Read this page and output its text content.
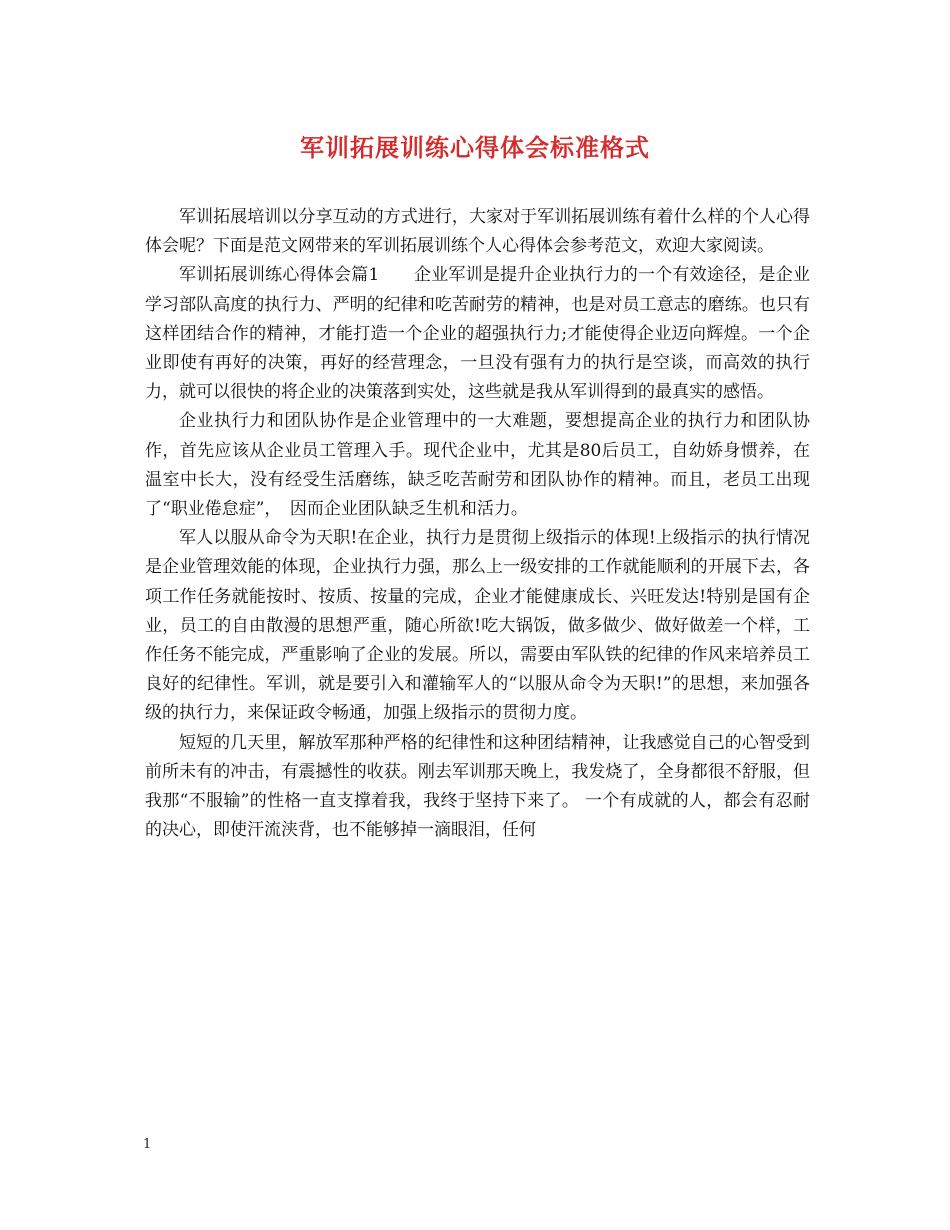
军训拓展训练心得体会标准格式

军训拓展培训以分享互动的方式进行，大家对于军训拓展训练有着什么样的个人心得体会呢？下面是范文网带来的军训拓展训练个人心得体会参考范文，欢迎大家阅读。

军训拓展训练心得体会篇1　　企业军训是提升企业执行力的一个有效途径，是企业学习部队高度的执行力、严明的纪律和吃苦耐劳的精神，也是对员工意志的磨练。也只有这样团结合作的精神，才能打造一个企业的超强执行力;才能使得企业迈向辉煌。一个企业即使有再好的决策，再好的经营理念，一旦没有强有力的执行是空谈，而高效的执行力，就可以很快的将企业的决策落到实处，这些就是我从军训得到的最真实的感悟。

企业执行力和团队协作是企业管理中的一大难题，要想提高企业的执行力和团队协作，首先应该从企业员工管理入手。现代企业中，尤其是80后员工，自幼娇身惯养，在温室中长大，没有经受生活磨练，缺乏吃苦耐劳和团队协作的精神。而且，老员工出现了“职业倦怠症”，　因而企业团队缺乏生机和活力。

军人以服从命令为天职!在企业，执行力是贯彻上级指示的体现!上级指示的执行情况是企业管理效能的体现，企业执行力强，那么上一级安排的工作就能顺利的开展下去，各项工作任务就能按时、按质、按量的完成，企业才能健康成长、兴旺发达!特别是国有企业，员工的自由散漫的思想严重，随心所欲!吃大锅饭，做多做少、做好做差一个样，工作任务不能完成，严重影响了企业的发展。所以，需要由军队铁的纪律的作风来培养员工良好的纪律性。军训，就是要引入和灌输军人的“以服从命令为天职!”的思想，来加强各级的执行力，来保证政令畅通，加强上级指示的贯彻力度。

短短的几天里，解放军那种严格的纪律性和这种团结精神，让我感觉自己的心智受到前所未有的冲击，有震撼性的收获。刚去军训那天晚上，我发烧了，全身都很不舒服，但我那“不服输”的性格一直支撑着我，我终于坚持下来了。 一个有成就的人，都会有忍耐的决心，即使汗流浃背，也不能够掉一滴眼泪，任何

1
